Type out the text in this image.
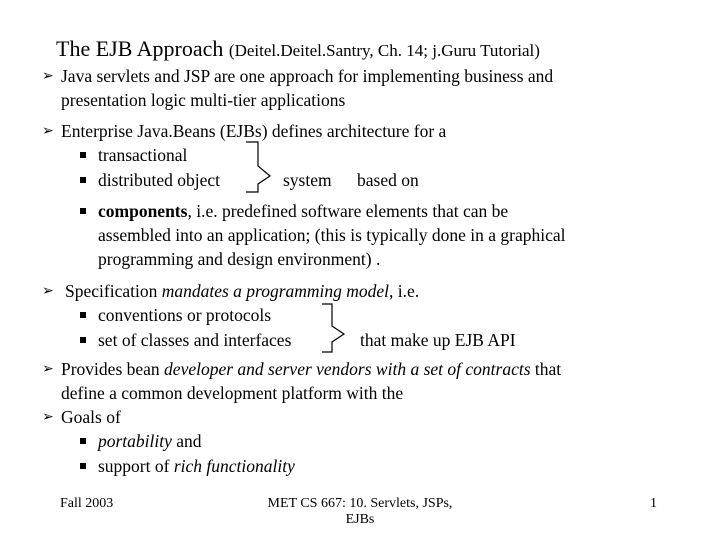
The EJB Approach (Deitel.Deitel.Santry, Ch. 14; j.Guru Tutorial)
➢ Java servlets and JSP are one approach for implementing business and
presentation logic multi-tier applications
➢ Enterprise Java.Beans (EJBs) defines architecture for a
transactional
distributed object	system based on
components, i.e. predefined software elements that can be
assembled into an application; (this is typically done in a graphical
programming and design environment) .
➢ Specification mandates a programming model, i.e.
conventions or protocols
set of classes and interfaces	that make up EJB API
➢ Provides bean developer and server vendors with a set of contracts that
define a common development platform with the
➢ Goals of
portability and
support of rich functionality
Fall 2003	MET CS 667: 10. Servlets, JSPs,
EJBs
1
